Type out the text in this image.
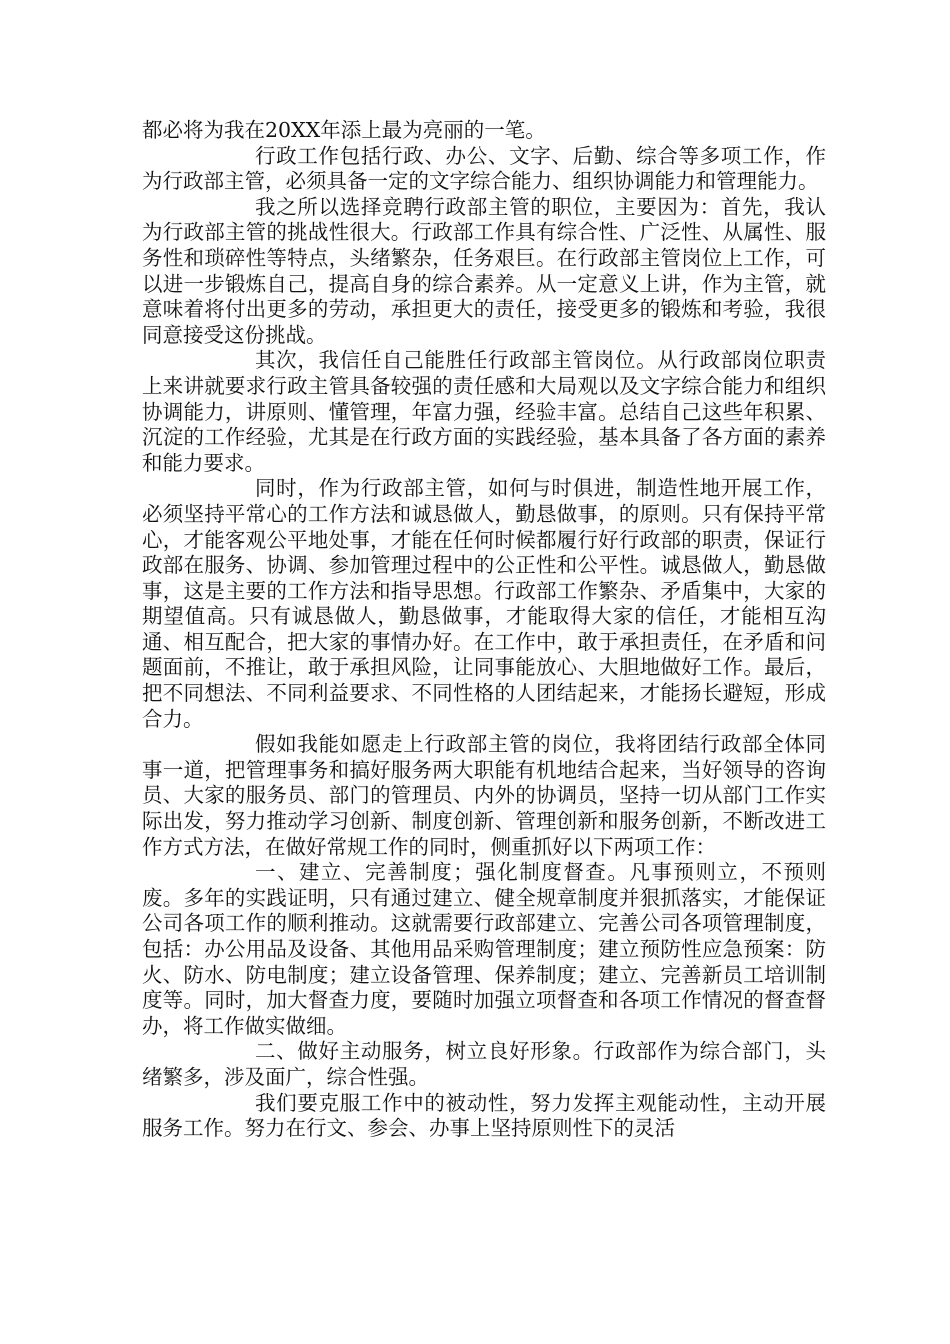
都必将为我在20XX年添上最为亮丽的一笔。

行政工作包括行政、办公、文字、后勤、综合等多项工作，作为行政部主管，必须具备一定的文字综合能力、组织协调能力和管理能力。

我之所以选择竞聘行政部主管的职位，主要因为：首先，我认为行政部主管的挑战性很大。行政部工作具有综合性、广泛性、从属性、服务性和琐碎性等特点，头绪繁杂，任务艰巨。在行政部主管岗位上工作，可以进一步锻炼自己，提高自身的综合素养。从一定意义上讲，作为主管，就意味着将付出更多的劳动，承担更大的责任，接受更多的锻炼和考验，我很同意接受这份挑战。

其次，我信任自己能胜任行政部主管岗位。从行政部岗位职责上来讲就要求行政主管具备较强的责任感和大局观以及文字综合能力和组织协调能力，讲原则、懂管理，年富力强，经验丰富。总结自己这些年积累、沉淀的工作经验，尤其是在行政方面的实践经验，基本具备了各方面的素养和能力要求。

同时，作为行政部主管，如何与时俱进，制造性地开展工作，必须坚持平常心的工作方法和诚恳做人，勤恳做事，的原则。只有保持平常心，才能客观公平地处事，才能在任何时候都履行好行政部的职责，保证行政部在服务、协调、参加管理过程中的公正性和公平性。诚恳做人，勤恳做事，这是主要的工作方法和指导思想。行政部工作繁杂、矛盾集中，大家的期望值高。只有诚恳做人，勤恳做事，才能取得大家的信任，才能相互沟通、相互配合，把大家的事情办好。在工作中，敢于承担责任，在矛盾和问题面前，不推让，敢于承担风险，让同事能放心、大胆地做好工作。最后，把不同想法、不同利益要求、不同性格的人团结起来，才能扬长避短，形成合力。

假如我能如愿走上行政部主管的岗位，我将团结行政部全体同事一道，把管理事务和搞好服务两大职能有机地结合起来，当好领导的咨询员、大家的服务员、部门的管理员、内外的协调员，坚持一切从部门工作实际出发，努力推动学习创新、制度创新、管理创新和服务创新，不断改进工作方式方法，在做好常规工作的同时，侧重抓好以下两项工作：

一、建立、完善制度；强化制度督查。凡事预则立，不预则废。多年的实践证明，只有通过建立、健全规章制度并狠抓落实，才能保证公司各项工作的顺利推动。这就需要行政部建立、完善公司各项管理制度，包括：办公用品及设备、其他用品采购管理制度；建立预防性应急预案：防火、防水、防电制度；建立设备管理、保养制度；建立、完善新员工培训制度等。同时，加大督查力度，要随时加强立项督查和各项工作情况的督查督办，将工作做实做细。

二、做好主动服务，树立良好形象。行政部作为综合部门，头绪繁多，涉及面广，综合性强。

我们要克服工作中的被动性，努力发挥主观能动性，主动开展服务工作。努力在行文、参会、办事上坚持原则性下的灵活
